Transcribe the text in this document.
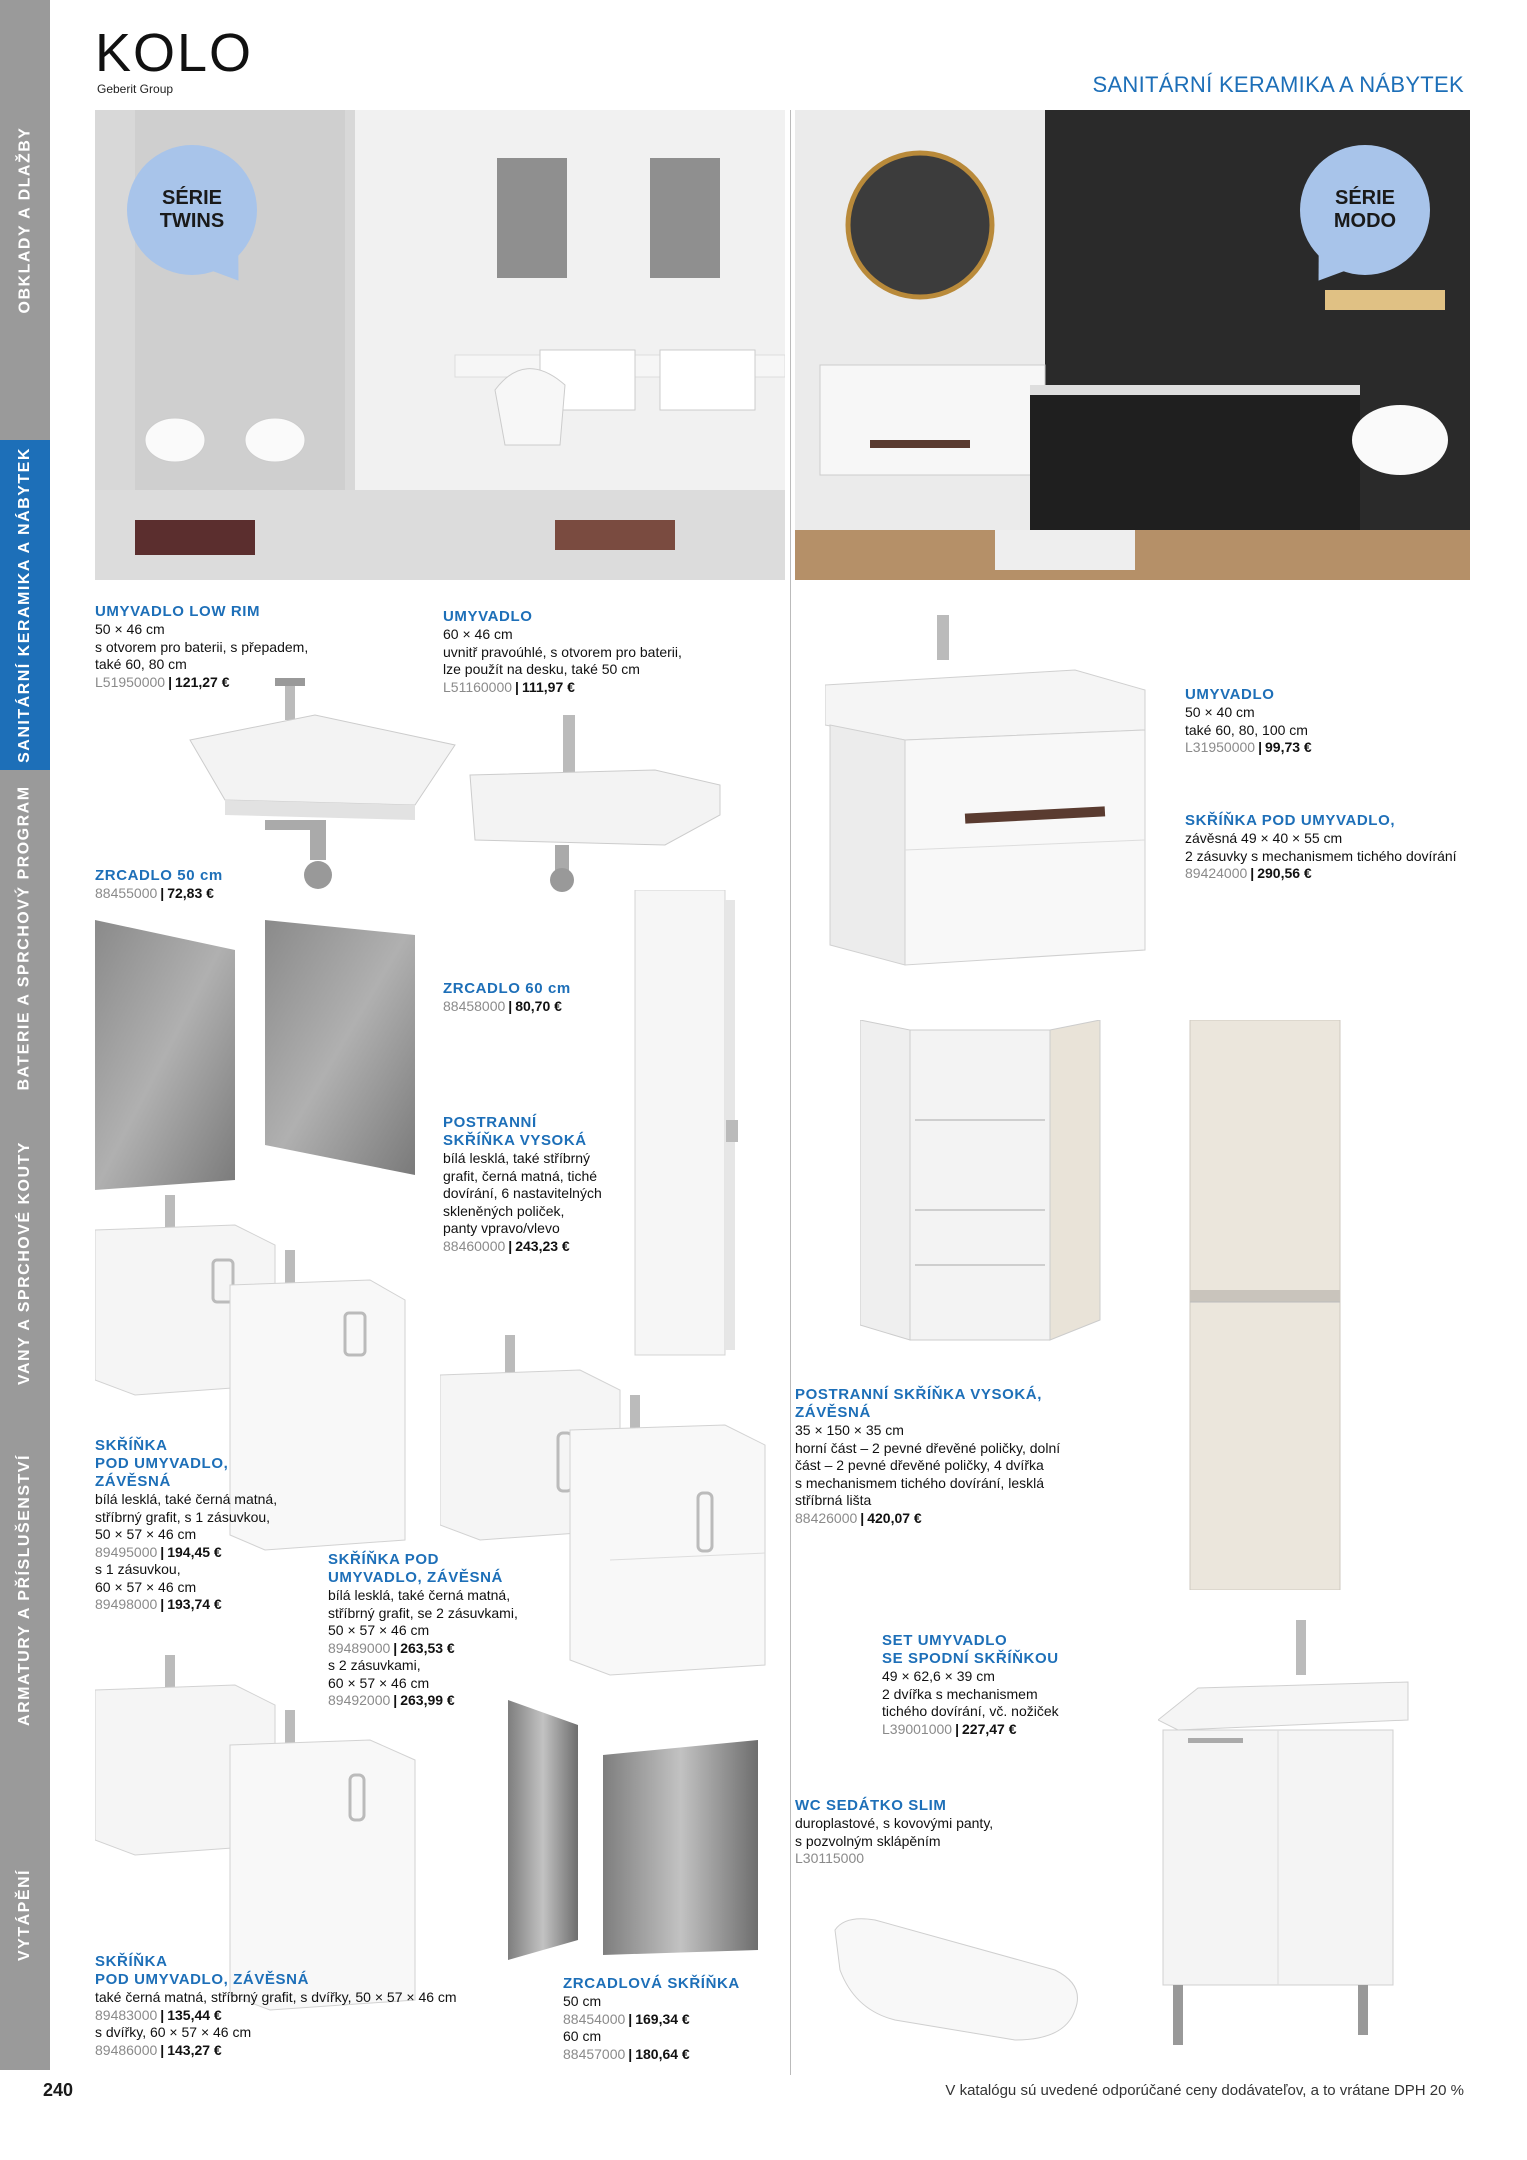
OBKLADY A DLAŽBY
SANITÁRNÍ KERAMIKA A NÁBYTEK
BATERIE A SPRCHOVÝ PROGRAM
VANY A SPRCHOVÉ KOUTY
ARMATURY A PŘÍSLUŠENSTVÍ
VYTÁPĚNÍ
KOLO
Geberit Group	SANITÁRNÍ KERAMIKA A NÁBYTEK
SÉRIE
TWINS
SÉRIE
MODO
UMYVADLO LOW RIM
50 × 46 cm
s otvorem pro baterii, s přepadem,
také 60, 80 cm
L51950000 | 121,27 €
UMYVADLO
60 × 46 cm
uvnitř pravoúhlé, s otvorem pro baterii,
lze použít na desku, také 50 cm
L51160000 | 111,97 €
ZRCADLO 50 cm
88455000 | 72,83 €
ZRCADLO 60 cm
88458000 | 80,70 €
POSTRANNÍ
SKŘÍŇKA VYSOKÁ
bílá lesklá, také stříbrný
grafit, černá matná, tiché
dovírání, 6 nastavitelných
skleněných poliček,
panty vpravo/vlevo
88460000 | 243,23 €
SKŘÍŇKA
POD UMYVADLO,
ZÁVĚSNÁ
bílá lesklá, také černá matná,
stříbrný grafit, s 1 zásuvkou,
50 × 57 × 46 cm
89495000 | 194,45 €
s 1 zásuvkou,
60 × 57 × 46 cm
89498000 | 193,74 €
SKŘÍŇKA POD
UMYVADLO, ZÁVĚSNÁ
bílá lesklá, také černá matná,
stříbrný grafit, se 2 zásuvkami,
50 × 57 × 46 cm
89489000 | 263,53 €
s 2 zásuvkami,
60 × 57 × 46 cm
89492000 | 263,99 €
SKŘÍŇKA
POD UMYVADLO, ZÁVĚSNÁ
také černá matná, stříbrný grafit, s dvířky, 50 × 57 × 46 cm
89483000 | 135,44 €
s dvířky, 60 × 57 × 46 cm
89486000 | 143,27 €
ZRCADLOVÁ SKŘÍŇKA
50 cm
88454000 | 169,34 €
60 cm
88457000 | 180,64 €
UMYVADLO
50 × 40 cm
také 60, 80, 100 cm
L31950000 | 99,73 €
SKŘÍŇKA POD UMYVADLO,
závěsná 49 × 40 × 55 cm
2 zásuvky s mechanismem tichého dovírání
89424000 | 290,56 €
POSTRANNÍ SKŘÍŇKA VYSOKÁ,
ZÁVĚSNÁ
35 × 150 × 35 cm
horní část – 2 pevné dřevěné poličky, dolní
část – 2 pevné dřevěné poličky, 4 dvířka
s mechanismem tichého dovírání, lesklá
stříbrná lišta
88426000 | 420,07 €
SET UMYVADLO
SE SPODNÍ SKŘÍŇKOU
49 × 62,6 × 39 cm
2 dvířka s mechanismem
tichého dovírání, vč. nožiček
L39001000 | 227,47 €
WC SEDÁTKO SLIM
duroplastové, s kovovými panty,
s pozvolným sklápěním
L30115000
240	V katalógu sú uvedené odporúčané ceny dodávateľov, a to vrátane DPH 20 %
